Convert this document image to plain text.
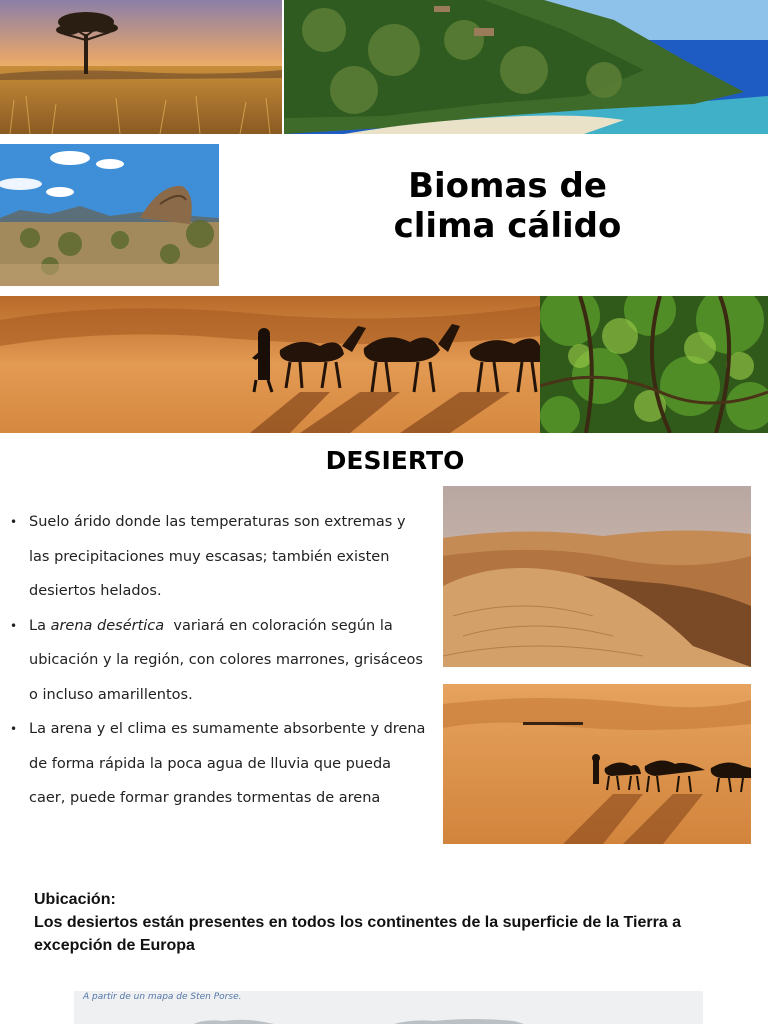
Biomas de
clima cálido
DESIERTO
• Suelo árido donde las temperaturas son extremas y las precipitaciones muy escasas; también existen desiertos helados.
• La arena desértica  variará en coloración según la ubicación y la región, con colores marrones, grisáceos o incluso amarillentos.
• La arena y el clima es sumamente absorbente y drena de forma rápida la poca agua de lluvia que pueda caer, puede formar grandes tormentas de arena
Ubicación:
Los desiertos están presentes en todos los continentes de la superficie de la Tierra a excepción de Europa
A partir de un mapa de Sten Porse.
